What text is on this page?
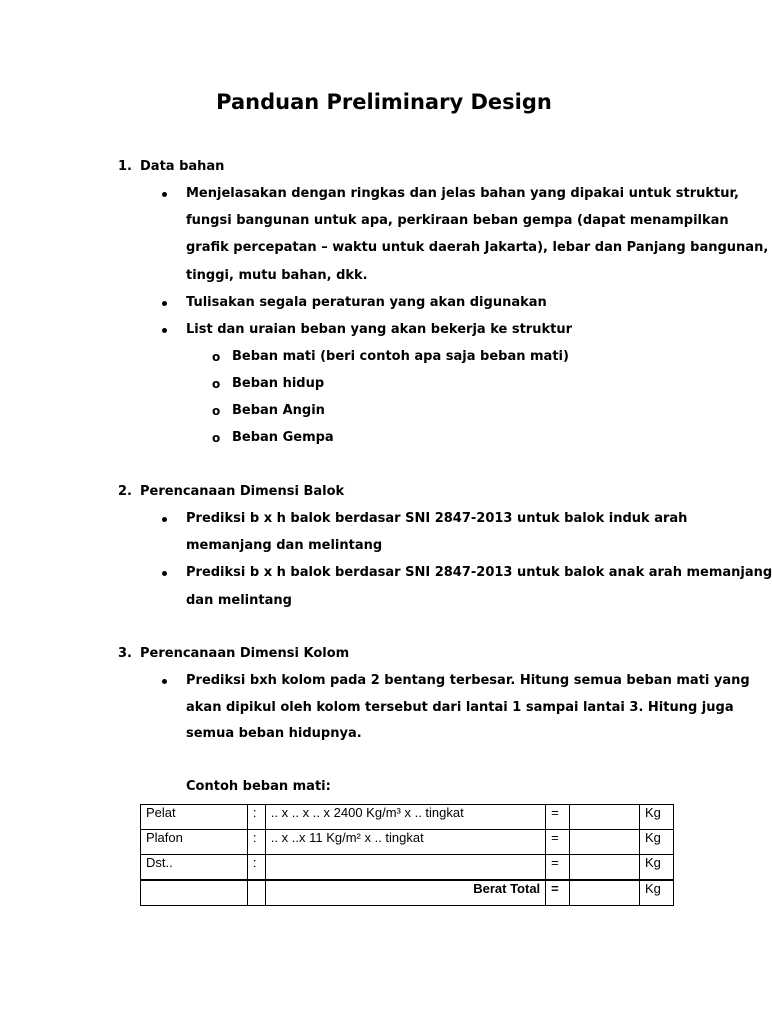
Panduan Preliminary Design
1. Data bahan
Menjelasakan dengan ringkas dan jelas bahan yang dipakai untuk struktur,
fungsi bangunan untuk apa, perkiraan beban gempa (dapat menampilkan
grafik percepatan – waktu untuk daerah Jakarta), lebar dan Panjang bangunan,
tinggi, mutu bahan, dkk.
Tulisakan segala peraturan yang akan digunakan
List dan uraian beban yang akan bekerja ke struktur
o Beban mati (beri contoh apa saja beban mati)
o Beban hidup
o Beban Angin
o Beban Gempa
2. Perencanaan Dimensi Balok
Prediksi b x h balok berdasar SNI 2847-2013 untuk balok induk arah
memanjang dan melintang
Prediksi b x h balok berdasar SNI 2847-2013 untuk balok anak arah memanjang
dan melintang
3. Perencanaan Dimensi Kolom
Prediksi bxh kolom pada 2 bentang terbesar. Hitung semua beban mati yang
akan dipikul oleh kolom tersebut dari lantai 1 sampai lantai 3. Hitung juga
semua beban hidupnya.
Contoh beban mati:
Pelat	:	.. x .. x .. x 2400 Kg/m³ x .. tingkat	=		Kg
Plafon	:	.. x ..x 11 Kg/m² x .. tingkat	=		Kg
Dst..	:		=		Kg
		Berat Total	=		Kg
